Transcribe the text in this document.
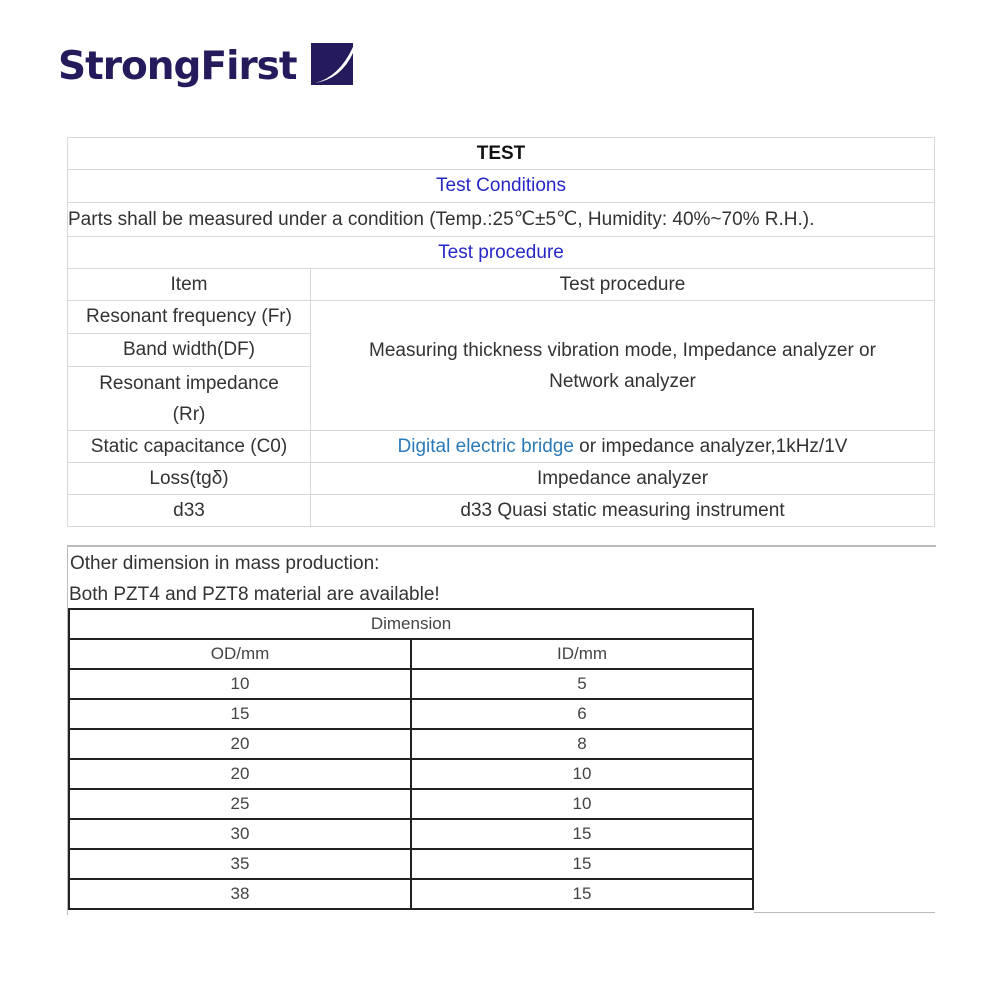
StrongFirst
TEST	
Test Conditions	
Parts shall be measured under a condition (Temp.:25℃±5℃, Humidity: 40%~70% R.H.).	
Test procedure	
Item	Test procedure
Resonant frequency (Fr)	Measuring thickness vibration mode, Impedance analyzer or Network analyzer
Band width(DF)	
Resonant impedance (Rr)	
Static capacitance (C0)	Digital electric bridge or impedance analyzer,1kHz/1V
Loss(tgδ)	Impedance analyzer
d33	d33 Quasi static measuring instrument

Other dimension in mass production:

Both PZT4 and PZT8 material are available!

Dimension	
OD/mm	ID/mm
10	5
15	6
20	8
20	10
25	10
30	15
35	15
38	15
